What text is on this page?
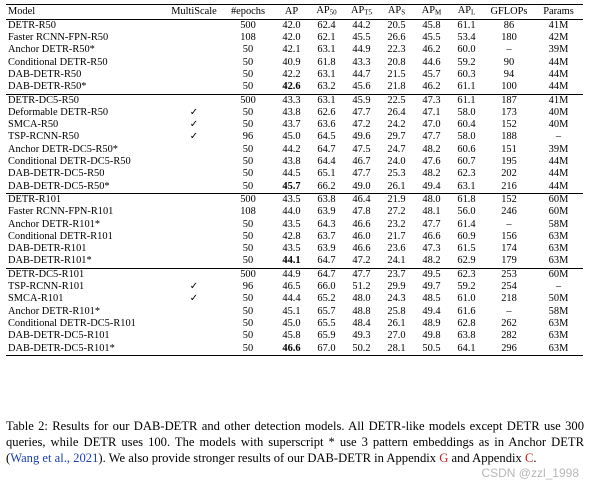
Model	MultiScale	#epochs	AP	$AP_{50}$	$AP_{T5}$	$AP_S$	$AP_M$	$AP_L$	GFLOPs	Params
DETR-R50		500	42.0	62.4	44.2	20.5	45.8	61.1	86	41M
Faster RCNN-FPN-R50		108	42.0	62.1	45.5	26.6	45.5	53.4	180	42M
Anchor DETR-R50*		50	42.1	63.1	44.9	22.3	46.2	60.0	–	39M
Conditional DETR-R50		50	40.9	61.8	43.3	20.8	44.6	59.2	90	44M
DAB-DETR-R50		50	42.2	63.1	44.7	21.5	45.7	60.3	94	44M
DAB-DETR-R50*		50	42.6	63.2	45.6	21.8	46.2	61.1	100	44M
DETR-DC5-R50		500	43.3	63.1	45.9	22.5	47.3	61.1	187	41M
Deformable DETR-R50	✓	50	43.8	62.6	47.7	26.4	47.1	58.0	173	40M
SMCA-R50	✓	50	43.7	63.6	47.2	24.2	47.0	60.4	152	40M
TSP-RCNN-R50	✓	96	45.0	64.5	49.6	29.7	47.7	58.0	188	–
Anchor DETR-DC5-R50*		50	44.2	64.7	47.5	24.7	48.2	60.6	151	39M
Conditional DETR-DC5-R50		50	43.8	64.4	46.7	24.0	47.6	60.7	195	44M
DAB-DETR-DC5-R50		50	44.5	65.1	47.7	25.3	48.2	62.3	202	44M
DAB-DETR-DC5-R50*		50	45.7	66.2	49.0	26.1	49.4	63.1	216	44M
DETR-R101		500	43.5	63.8	46.4	21.9	48.0	61.8	152	60M
Faster RCNN-FPN-R101		108	44.0	63.9	47.8	27.2	48.1	56.0	246	60M
Anchor DETR-R101*		50	43.5	64.3	46.6	23.2	47.7	61.4	–	58M
Conditional DETR-R101		50	42.8	63.7	46.0	21.7	46.6	60.9	156	63M
DAB-DETR-R101		50	43.5	63.9	46.6	23.6	47.3	61.5	174	63M
DAB-DETR-R101*		50	44.1	64.7	47.2	24.1	48.2	62.9	179	63M
DETR-DC5-R101		500	44.9	64.7	47.7	23.7	49.5	62.3	253	60M
TSP-RCNN-R101	✓	96	46.5	66.0	51.2	29.9	49.7	59.2	254	–
SMCA-R101	✓	50	44.4	65.2	48.0	24.3	48.5	61.0	218	50M
Anchor DETR-R101*		50	45.1	65.7	48.8	25.8	49.4	61.6	–	58M
Conditional DETR-DC5-R101		50	45.0	65.5	48.4	26.1	48.9	62.8	262	63M
DAB-DETR-DC5-R101		50	45.8	65.9	49.3	27.0	49.8	63.8	282	63M
DAB-DETR-DC5-R101*		50	46.6	67.0	50.2	28.1	50.5	64.1	296	63M
Table 2: Results for our DAB-DETR and other detection models. All DETR-like models except DETR use 300 queries, while DETR uses 100. The models with superscript * use 3 pattern embeddings as in Anchor DETR (Wang et al., 2021). We also provide stronger results of our DAB-DETR in Appendix G and Appendix C.
CSDN @zzl_1998
